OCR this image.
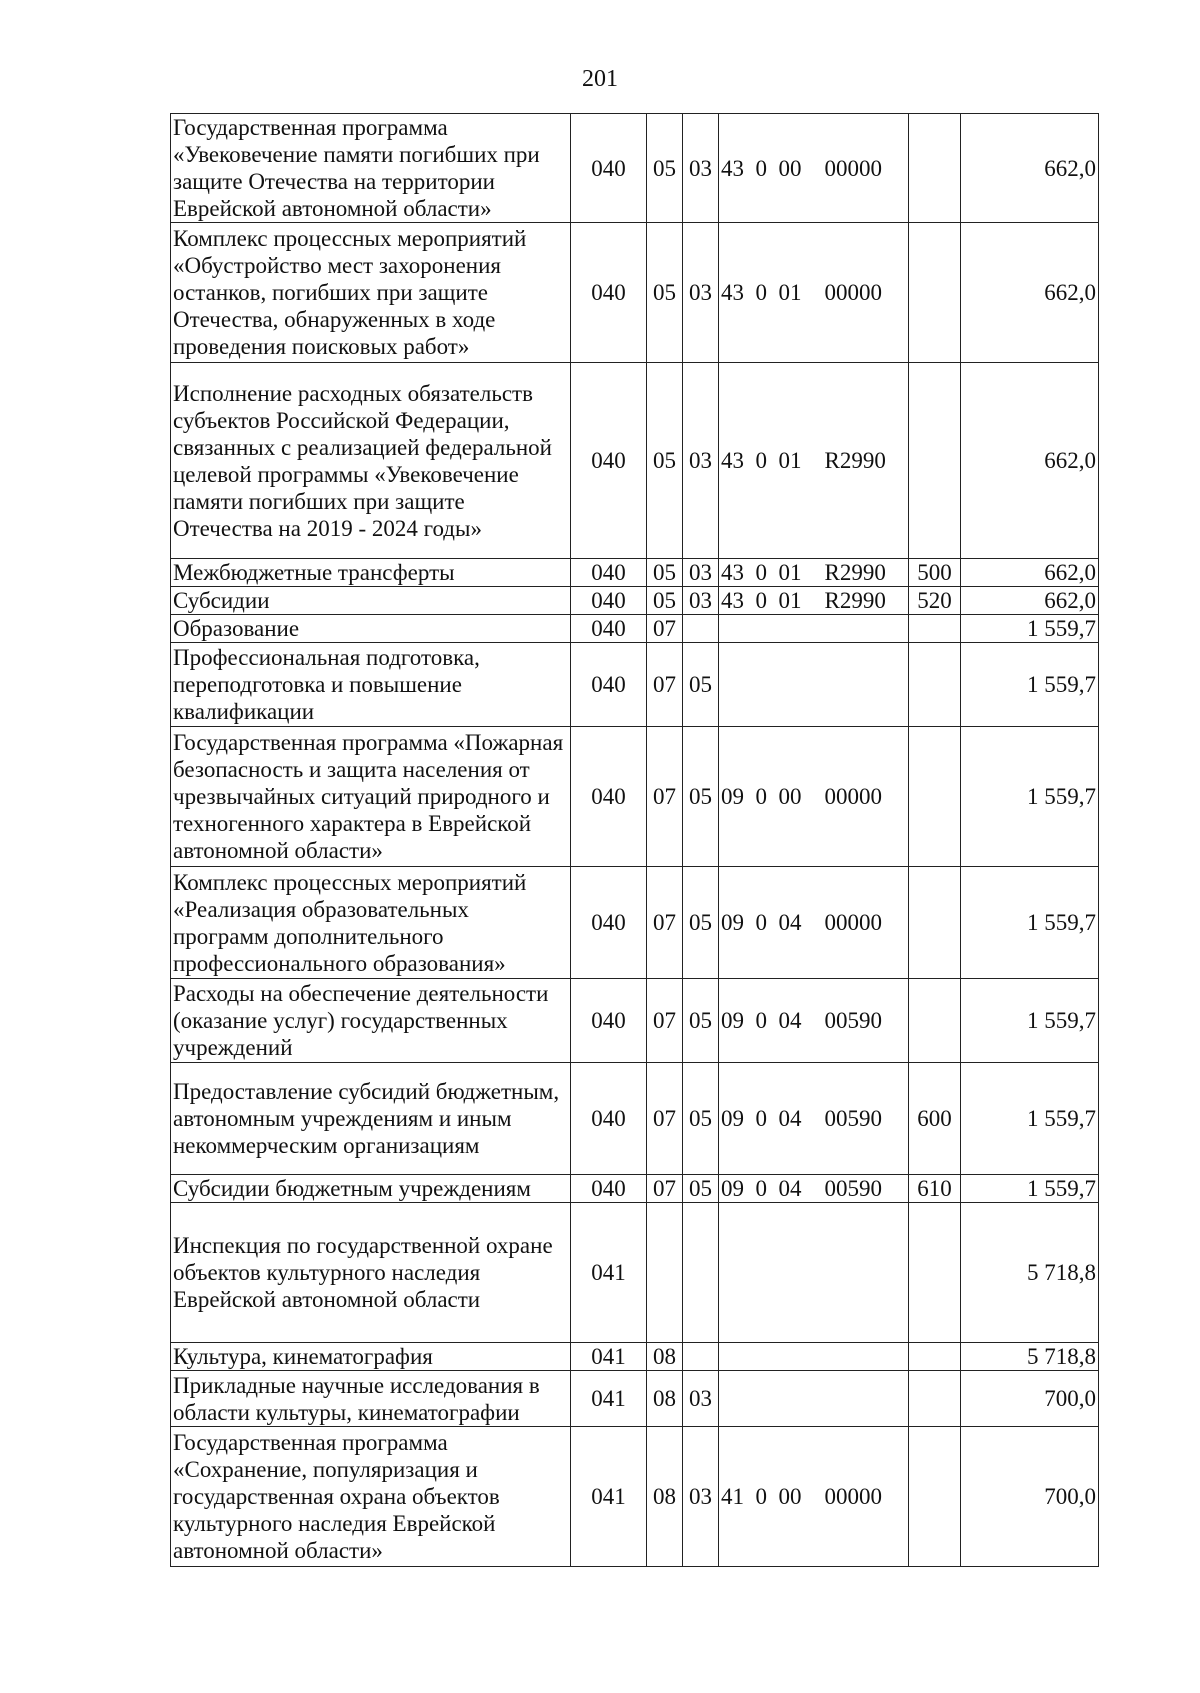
201
Государственная программа «Увековечение памяти погибших при защите Отечества на территории Еврейской автономной области»	040	05	03	43  0  00    00000		662,0
Комплекс процессных мероприятий «Обустройство мест захоронения останков, погибших при защите Отечества, обнаруженных в ходе проведения поисковых работ»	040	05	03	43  0  01    00000		662,0
Исполнение расходных обязательств субъектов Российской Федерации, связанных с реализацией федеральной целевой программы «Увековечение памяти погибших при защите Отечества на 2019 - 2024 годы»	040	05	03	43  0  01    R2990		662,0
Межбюджетные трансферты	040	05	03	43  0  01    R2990	500	662,0
Субсидии	040	05	03	43  0  01    R2990	520	662,0
Образование	040	07				1 559,7
Профессиональная подготовка, переподготовка и повышение квалификации	040	07	05			1 559,7
Государственная программа «Пожарная безопасность и защита населения от чрезвычайных ситуаций природного и техногенного характера в Еврейской автономной области»	040	07	05	09  0  00    00000		1 559,7
Комплекс процессных мероприятий «Реализация образовательных программ дополнительного профессионального образования»	040	07	05	09  0  04    00000		1 559,7
Расходы на обеспечение деятельности (оказание услуг) государственных учреждений	040	07	05	09  0  04    00590		1 559,7
Предоставление субсидий бюджетным, автономным учреждениям и иным некоммерческим организациям	040	07	05	09  0  04    00590	600	1 559,7
Субсидии бюджетным учреждениям	040	07	05	09  0  04    00590	610	1 559,7
Инспекция по государственной охране объектов культурного наследия Еврейской автономной области	041					5 718,8
Культура, кинематография	041	08				5 718,8
Прикладные научные исследования в области культуры, кинематографии	041	08	03			700,0
Государственная программа «Сохранение, популяризация и государственная охрана объектов культурного наследия Еврейской автономной области»	041	08	03	41  0  00    00000		700,0
